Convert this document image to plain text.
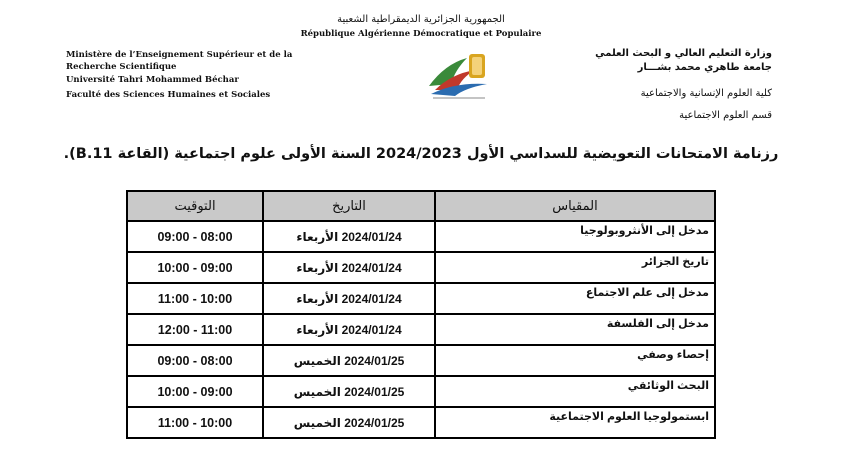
الجمهورية الجزائرية الديمقراطية الشعبية
République Algérienne Démocratique et Populaire
Ministère de l’Enseignement Supérieur et de la
Recherche Scientifique
Université Tahri Mohammed Béchar
Faculté des Sciences Humaines et Sociales
وزارة التعليم العالي و البحث العلمي
جامعة طاهري محمد بشـــار
كلية العلوم الإنسانية والاجتماعية
قسم العلوم الاجتماعية
رزنامة الامتحانات التعويضية للسداسي الأول 2024/2023 السنة الأولى علوم اجتماعية (القاعة B.11).
التوقيت	التاريخ	المقياس
09:00 - 08:00	الأربعاء 2024/01/24	مدخل إلى الأنثروبولوجيا
10:00 - 09:00	الأربعاء 2024/01/24	تاريخ الجزائر
11:00 - 10:00	الأربعاء 2024/01/24	مدخل إلى علم الاجتماع
12:00 - 11:00	الأربعاء 2024/01/24	مدخل إلى الفلسفة
09:00 - 08:00	الخميس 2024/01/25	إحصاء وصفي
10:00 - 09:00	الخميس 2024/01/25	البحث الوثائقي
11:00 - 10:00	الخميس 2024/01/25	ابستمولوجيا العلوم الاجتماعية
